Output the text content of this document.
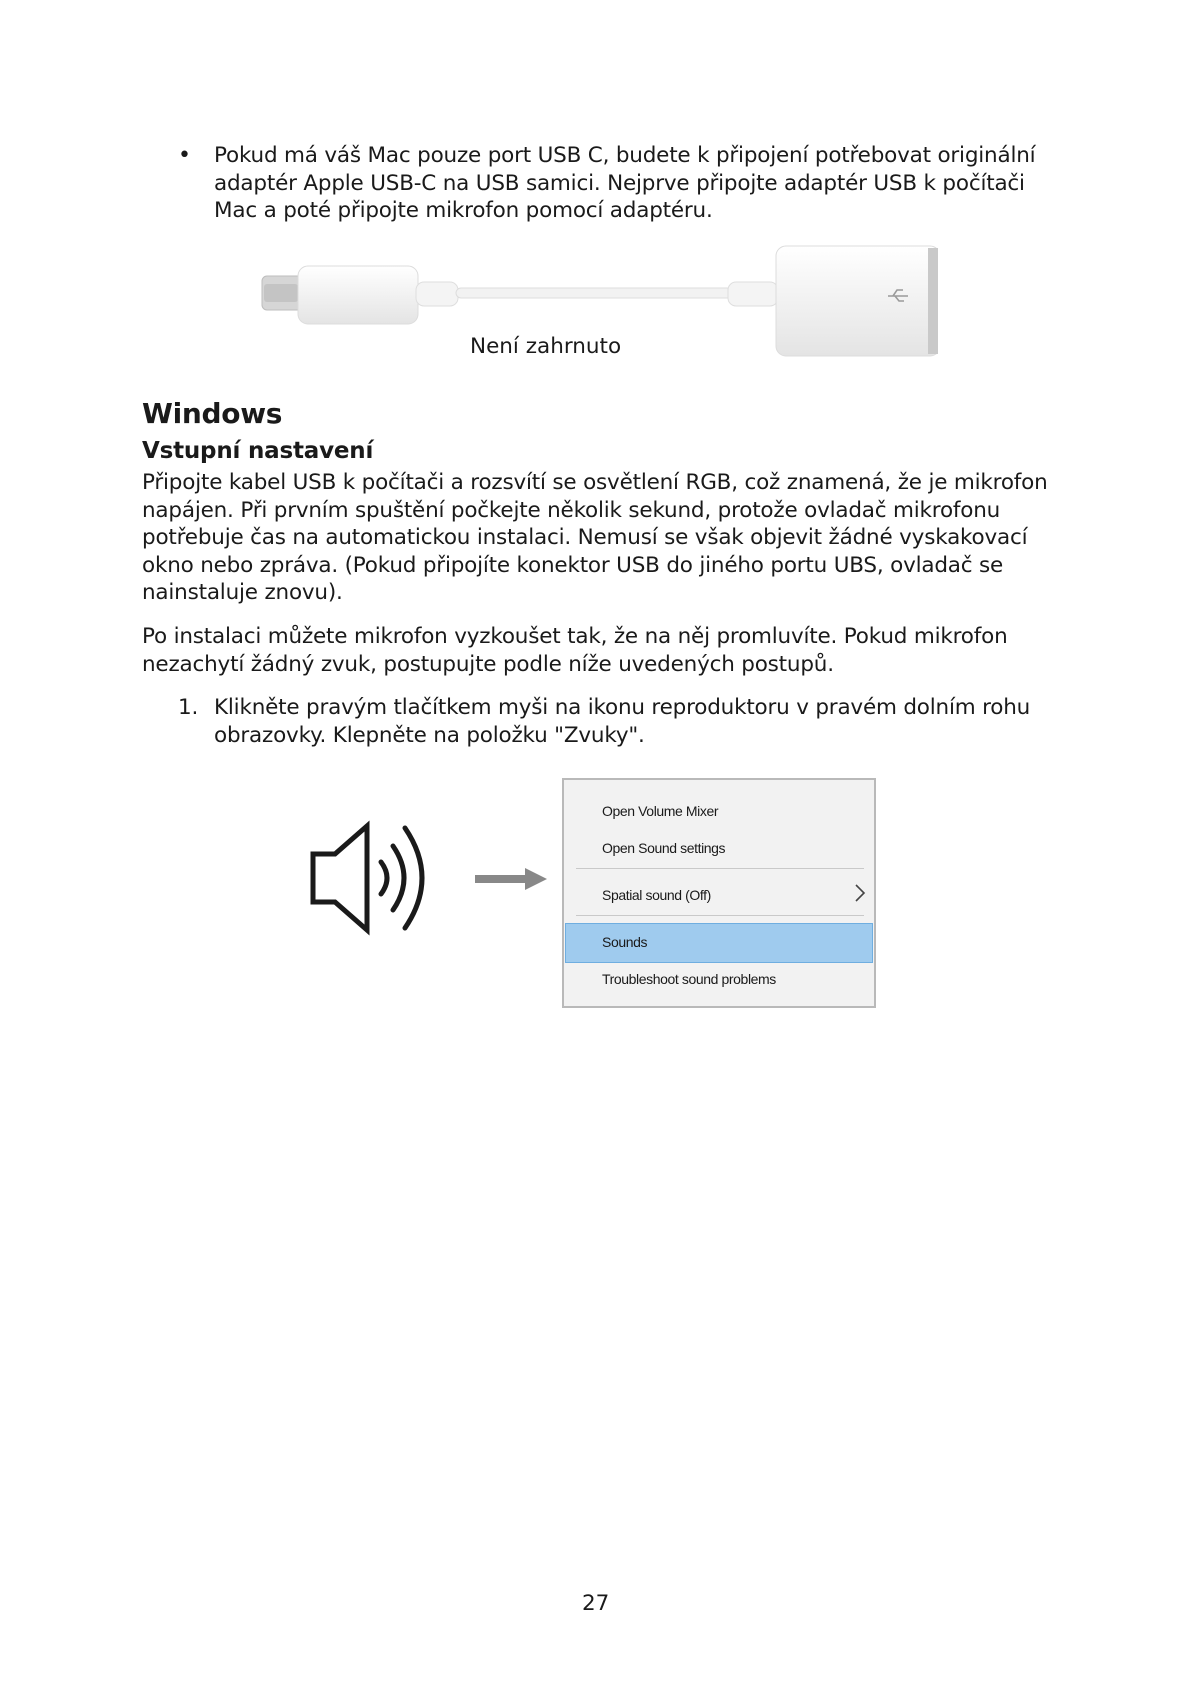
•	Pokud má váš Mac pouze port USB C, budete k připojení potřebovat originální adaptér Apple USB-C na USB samici. Nejprve připojte adaptér USB k počítači Mac a poté připojte mikrofon pomocí adaptéru.
Není zahrnuto
Windows
Vstupní nastavení
Připojte kabel USB k počítači a rozsvítí se osvětlení RGB, což znamená, že je mikrofon napájen. Při prvním spuštění počkejte několik sekund, protože ovladač mikrofonu potřebuje čas na automatickou instalaci. Nemusí se však objevit žádné vyskakovací okno nebo zpráva. (Pokud připojíte konektor USB do jiného portu UBS, ovladač se nainstaluje znovu).
Po instalaci můžete mikrofon vyzkoušet tak, že na něj promluvíte. Pokud mikrofon nezachytí žádný zvuk, postupujte podle níže uvedených postupů.
1. Klikněte pravým tlačítkem myši na ikonu reproduktoru v pravém dolním rohu obrazovky. Klepněte na položku "Zvuky".
Open Volume Mixer
Open Sound settings
Spatial sound (Off)
Sounds
Troubleshoot sound problems
27
